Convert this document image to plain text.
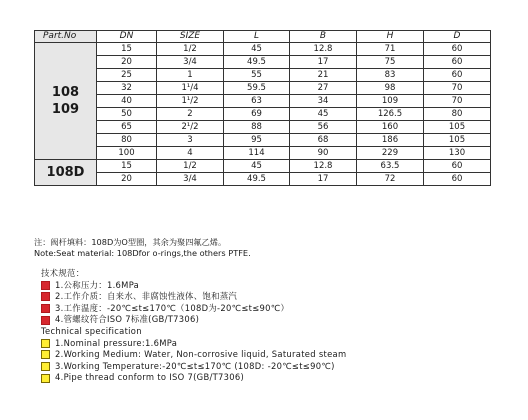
Part.No	DN	SIZE	L	B	H	D

108
109	15	1/2	45	12.8	71	60
	20	3/4	49.5	17	75	60
	25	1	55	21	83	60
	32	1¹/4	59.5	27	98	70
	40	1¹/2	63	34	109	70
	50	2	69	45	126.5	80
	65	2¹/2	88	56	160	105
	80	3	95	68	186	105
	100	4	114	90	229	130

108D	15	1/2	45	12.8	63.5	60
	20	3/4	49.5	17	72	60
注：阀杆填料：108D为O型圈，其余为聚四氟乙烯。
Note:Seat material: 108Dfor o-rings,the others PTFE.
技术规范：
1.公称压力：1.6MPa
2.工作介质：自来水、非腐蚀性液体、饱和蒸汽
3.工作温度：-20℃≤t≤170℃（108D为-20℃≤t≤90℃）
4.管螺纹符合ISO 7标准(GB/T7306)
Technical specification
1.Nominal pressure:1.6MPa
2.Working Medium: Water, Non-corrosive liquid, Saturated steam
3.Working Temperature:-20℃≤t≤170℃ (108D: -20℃≤t≤90℃)
4.Pipe thread conform to ISO 7(GB/T7306)
